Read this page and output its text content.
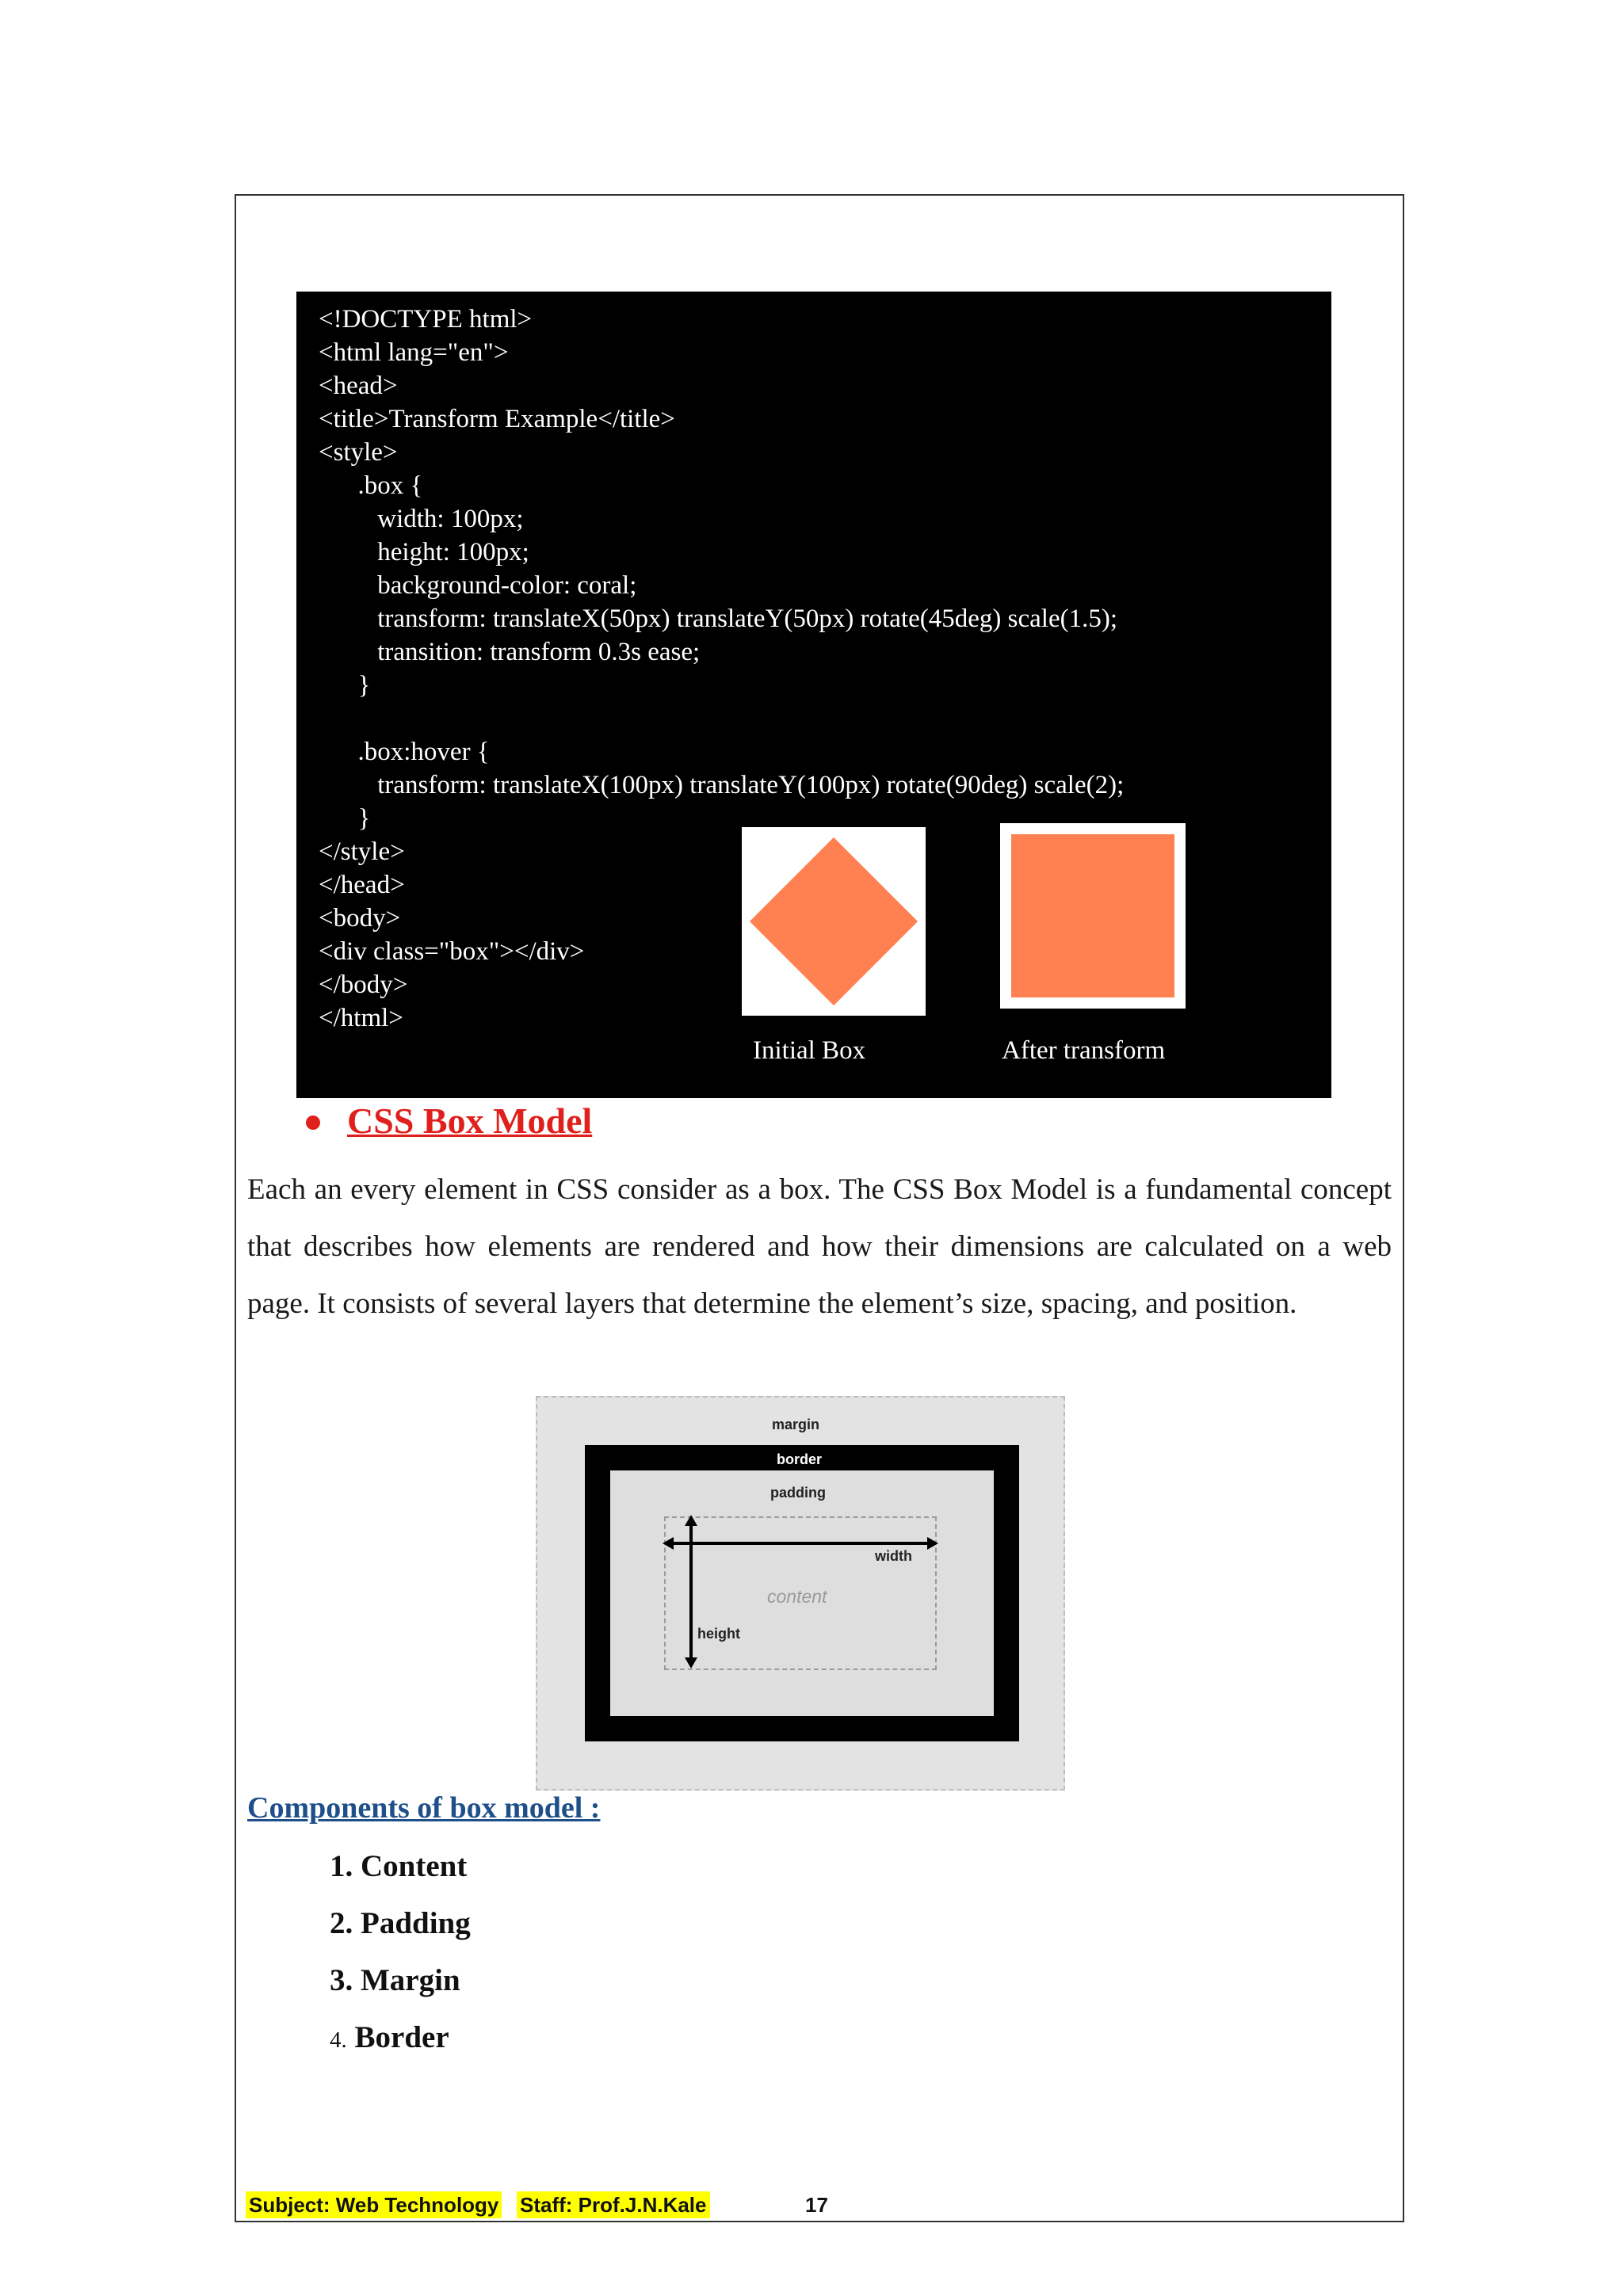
<!DOCTYPE html>
<html lang="en">
<head>
<title>Transform Example</title>
<style>
.box {
width: 100px;
height: 100px;
background-color: coral;
transform: translateX(50px) translateY(50px) rotate(45deg) scale(1.5);
transition: transform 0.3s ease;
}

.box:hover {
transform: translateX(100px) translateY(100px) rotate(90deg) scale(2);
}
</style>
</head>
<body>
<div class="box"></div>
</body>
</html>
Initial Box	After transform
CSS Box Model

Each an every element in CSS consider as a box. The CSS Box Model is a fundamental concept that describes how elements are rendered and how their dimensions are calculated on a web page. It consists of several layers that determine the element’s size, spacing, and position.

margin
border
padding
width
content
height
Components of box model :
1. Content
2. Padding
3. Margin
4. Border
Subject: Web Technology Staff: Prof.J.N.Kale	17
